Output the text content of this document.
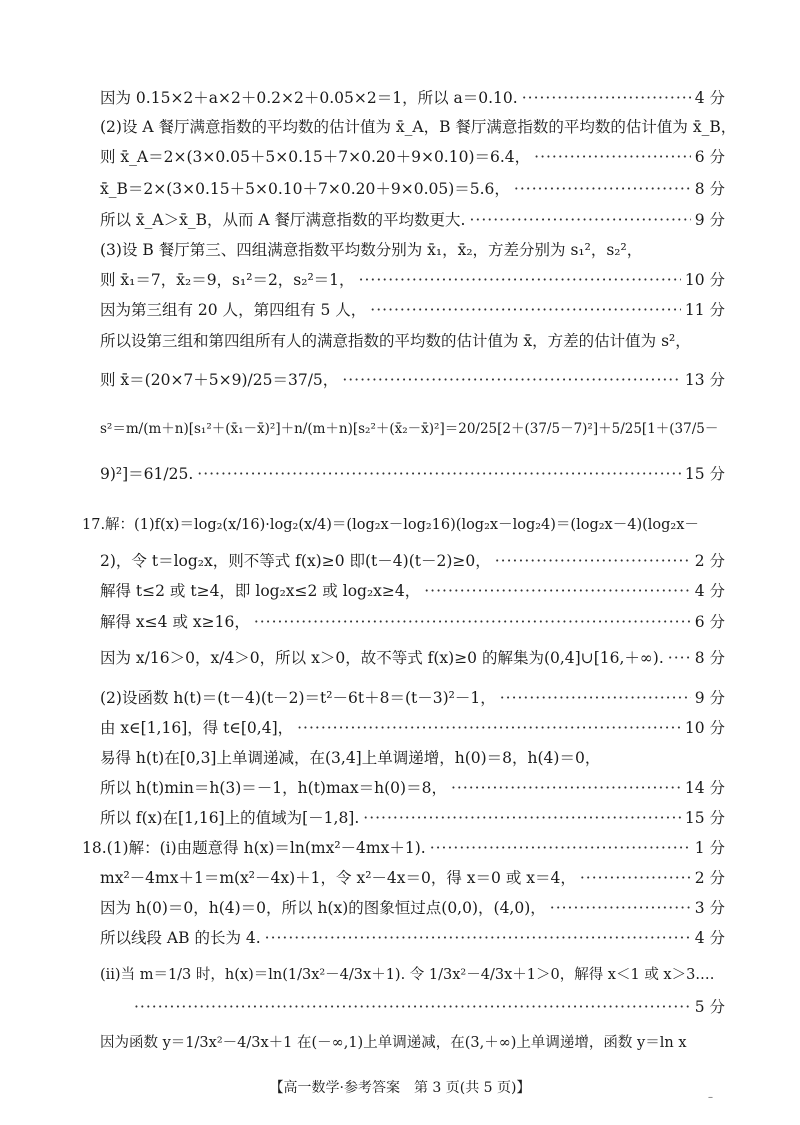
因为 0.15×2＋a×2＋0.2×2＋0.05×2＝1，所以 a＝0.10. ·····	4 分
(2)设 A 餐厅满意指数的平均数的估计值为 x̄_A，B 餐厅满意指数的平均数的估计值为 x̄_B，
则 x̄_A＝2×(3×0.05＋5×0.15＋7×0.20＋9×0.10)＝6.4， ·····	6 分
x̄_B＝2×(3×0.15＋5×0.10＋7×0.20＋9×0.05)＝5.6， ·····	8 分
所以 x̄_A＞x̄_B，从而 A 餐厅满意指数的平均数更大. ·····	9 分
(3)设 B 餐厅第三、四组满意指数平均数分别为 x̄₁，x̄₂，方差分别为 s₁²，s₂²，
则 x̄₁＝7，x̄₂＝9，s₁²＝2，s₂²＝1， ·····	10 分
因为第三组有 20 人，第四组有 5 人， ·····	11 分
所以设第三组和第四组所有人的满意指数的平均数的估计值为 x̄，方差的估计值为 s²，
则 x̄＝(20×7＋5×9)/25＝37/5， ·····	13 分
s²＝m/(m＋n)[s₁²＋(x̄₁－x̄)²]＋n/(m＋n)[s₂²＋(x̄₂－x̄)²]＝20/25[2＋(37/5－7)²]＋5/25[1＋(37/5－
9)²]＝61/25. ·····	15 分
17.解：(1)f(x)＝log₂(x/16)·log₂(x/4)＝(log₂x－log₂16)(log₂x－log₂4)＝(log₂x－4)(log₂x－
2)，令 t＝log₂x，则不等式 f(x)≥0 即(t－4)(t－2)≥0， ·····	2 分
解得 t≤2 或 t≥4，即 log₂x≤2 或 log₂x≥4， ·····	4 分
解得 x≤4 或 x≥16， ·····	6 分
因为 x/16＞0，x/4＞0，所以 x＞0，故不等式 f(x)≥0 的解集为(0,4]∪[16,＋∞). ····· 8 分
(2)设函数 h(t)＝(t－4)(t－2)＝t²－6t＋8＝(t－3)²－1， ·····	9 分
由 x∈[1,16]，得 t∈[0,4]， ·····	10 分
易得 h(t)在[0,3]上单调递减，在(3,4]上单调递增，h(0)＝8，h(4)＝0，
所以 h(t)min＝h(3)＝－1，h(t)max＝h(0)＝8， ·····	14 分
所以 f(x)在[1,16]上的值域为[－1,8]. ·····	15 分
18.(1)解：(ⅰ)由题意得 h(x)＝ln(mx²－4mx＋1). ·····	1 分
mx²－4mx＋1＝m(x²－4x)＋1，令 x²－4x＝0，得 x＝0 或 x＝4， ·····	2 分
因为 h(0)＝0，h(4)＝0，所以 h(x)的图象恒过点(0,0)，(4,0)， ·····	3 分
所以线段 AB 的长为 4. ·····	4 分
(ⅱ)当 m＝1/3 时，h(x)＝ln(1/3x²－4/3x＋1). 令 1/3x²－4/3x＋1＞0，解得 x＜1 或 x＞3. …
·····
5 分
因为函数 y＝1/3x²－4/3x＋1 在(－∞,1)上单调递减，在(3,＋∞)上单调递增，函数 y＝ln x
【高一数学·参考答案　第 3 页(共 5 页)】
–
